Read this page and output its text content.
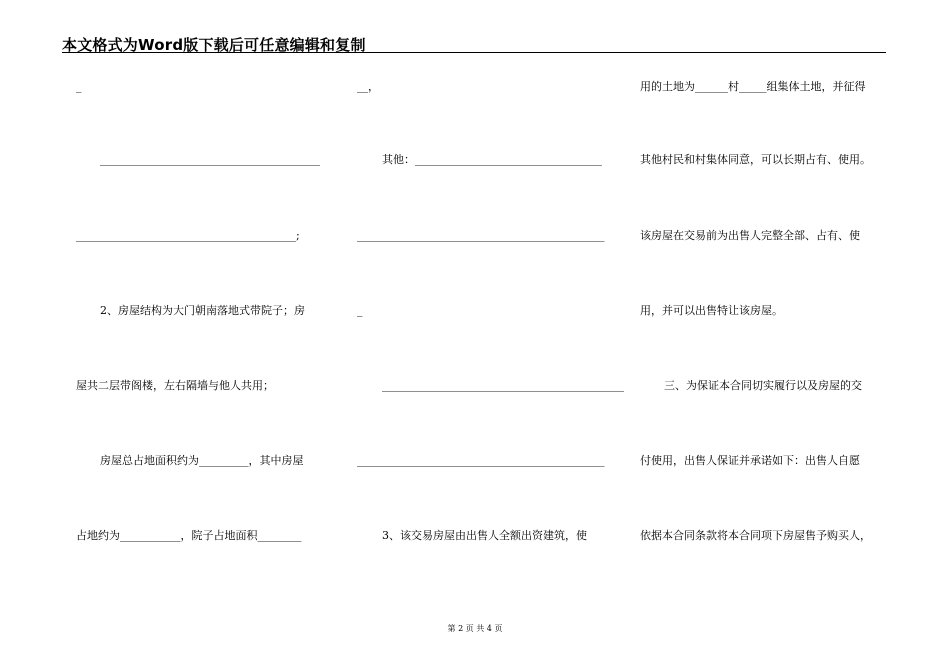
本文格式为Word版下载后可任意编辑和复制
_
________________________________________
________________________________________;
2、房屋结构为大门朝南落地式带院子；房
屋共二层带阁楼，左右隔墙与他人共用；
房屋总占地面积约为_________，其中房屋
占地约为___________，院子占地面积________
__，
其他：__________________________________
_____________________________________________
_
____________________________________________
_____________________________________________
3、该交易房屋由出售人全额出资建筑，使
用的土地为______村_____组集体土地，并征得
其他村民和村集体同意，可以长期占有、使用。
该房屋在交易前为出售人完整全部、占有、使
用，并可以出售特让该房屋。
三、为保证本合同切实履行以及房屋的交
付使用，出售人保证并承诺如下：出售人自愿
依据本合同条款将本合同项下房屋售予购买人，
第 2 页 共 4 页
